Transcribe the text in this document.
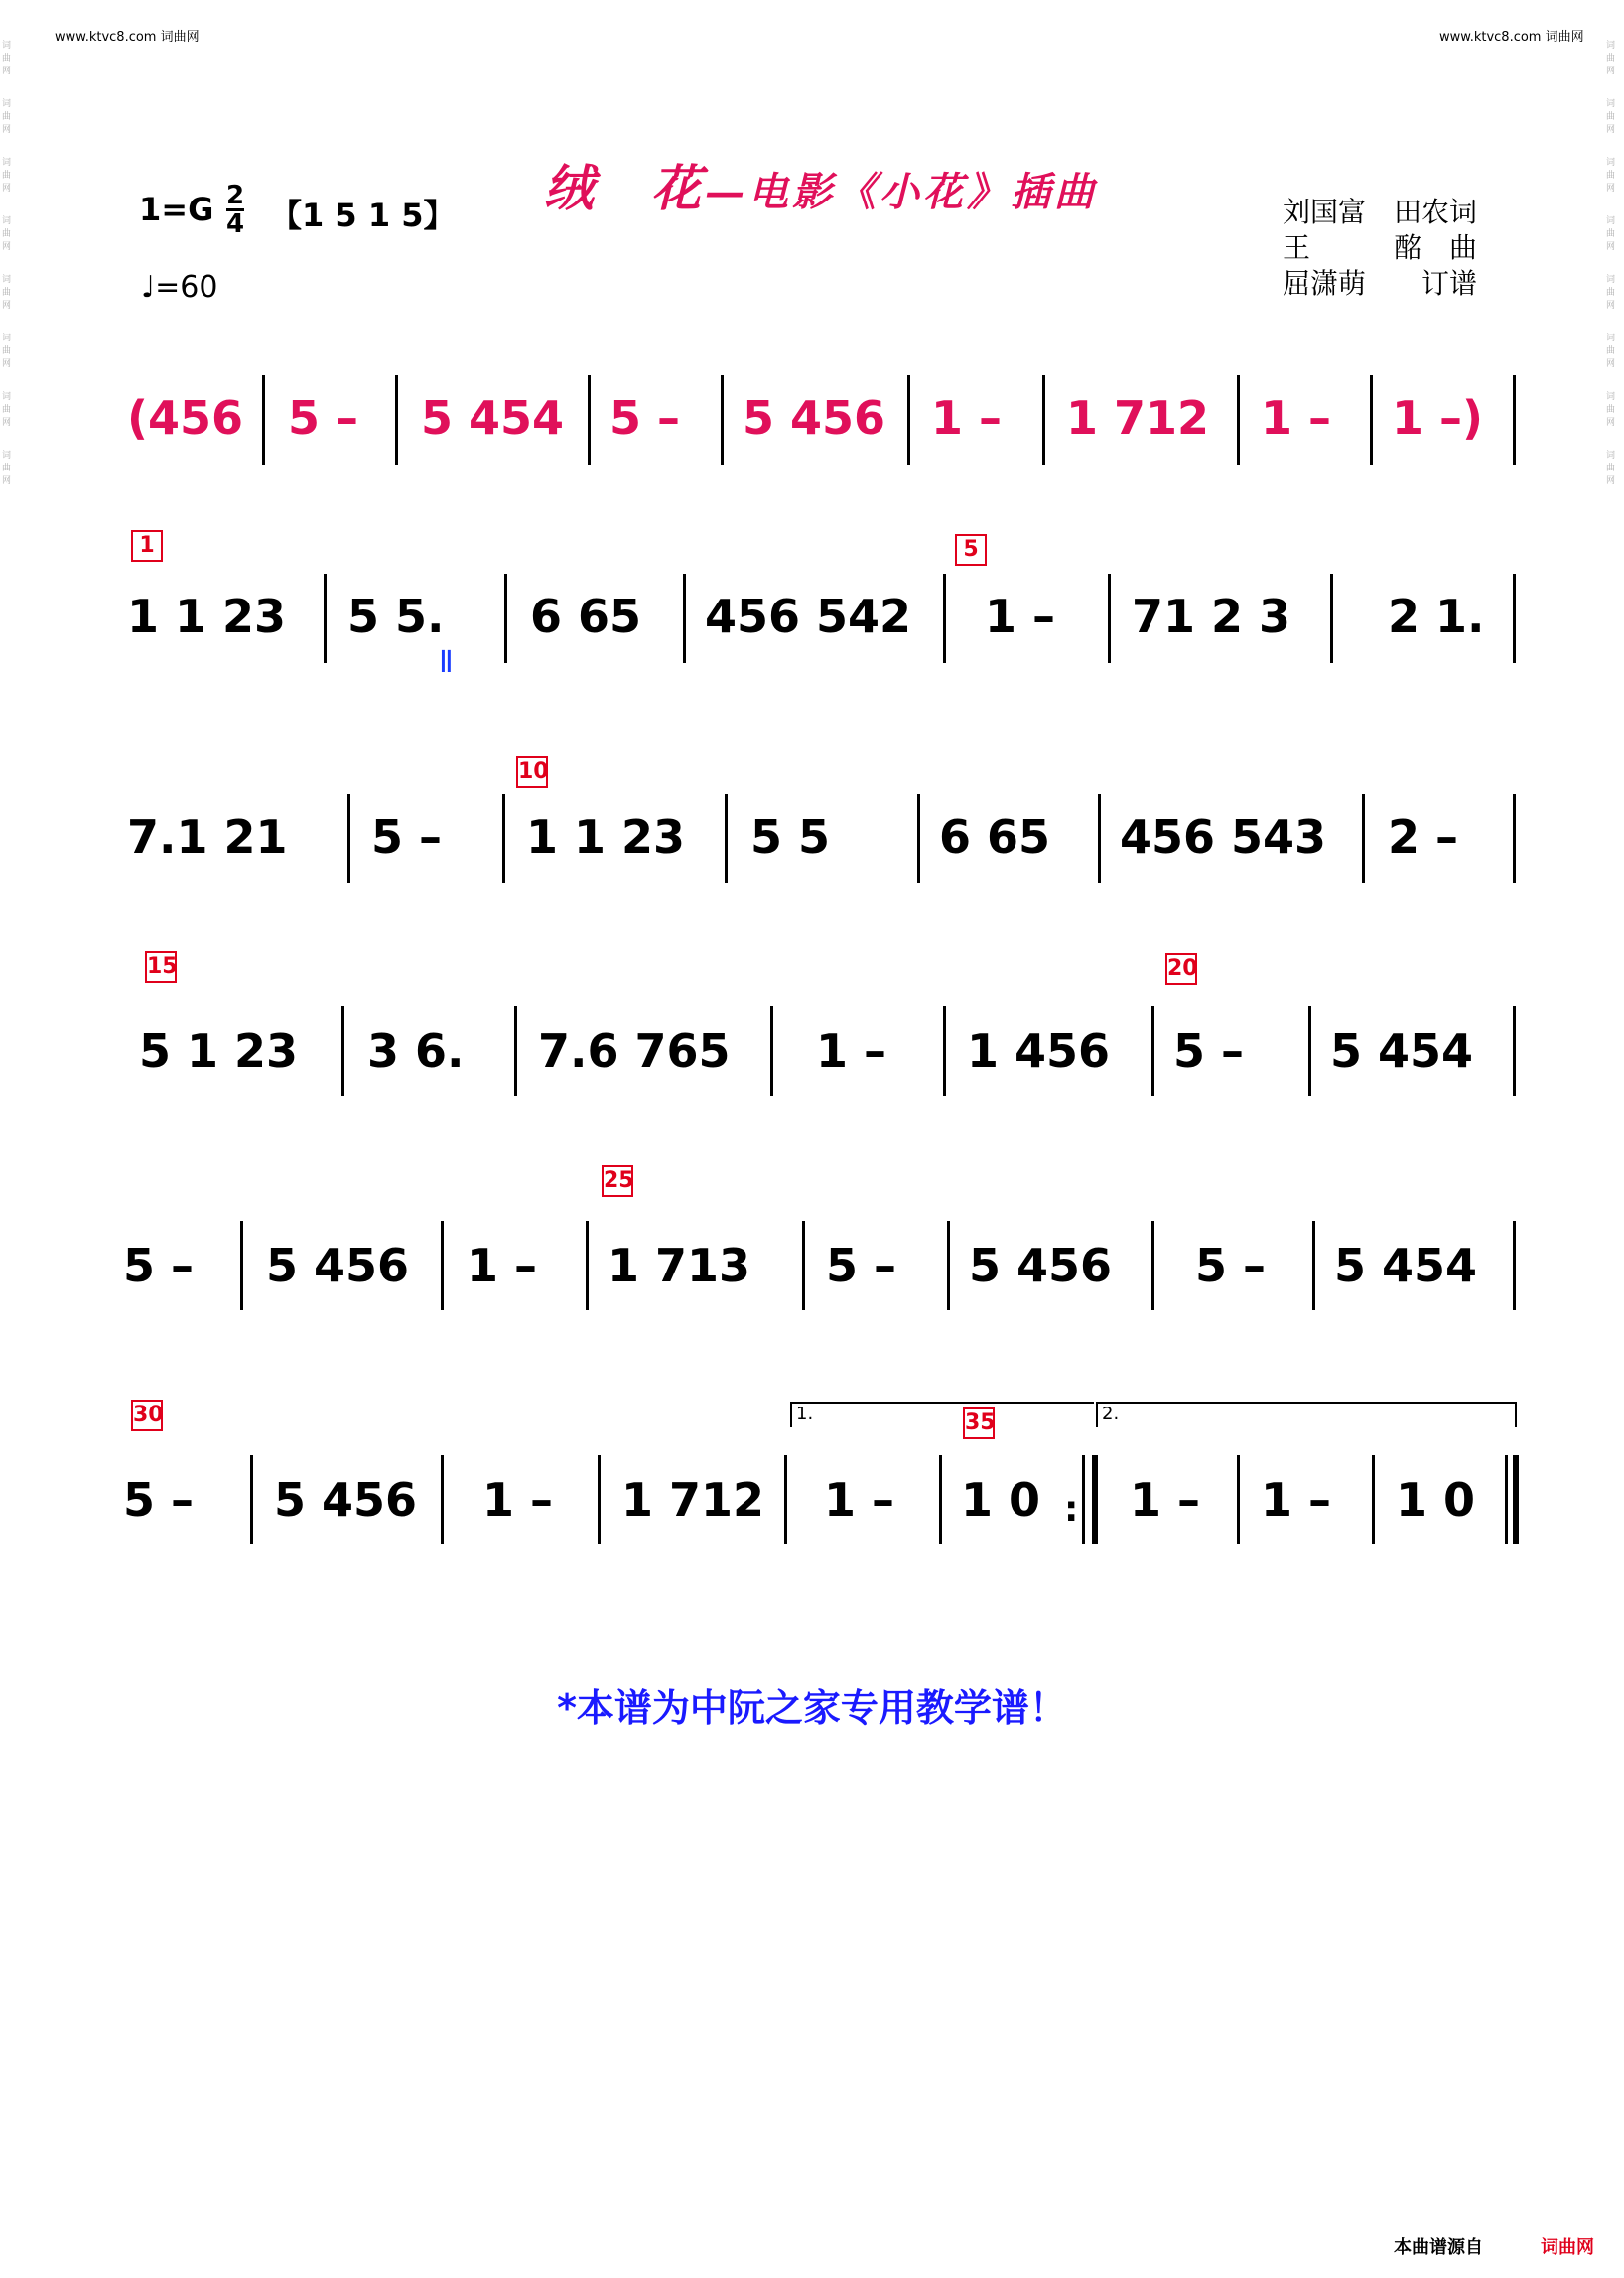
www.ktvc8.com 词曲网	www.ktvc8.com 词曲网
词曲网
词曲网
词曲网
词曲网
词曲网
词曲网
词曲网
词曲网
词曲网
词曲网
词曲网
词曲网
词曲网
词曲网
词曲网
词曲网
1=G 2
4 【1 5 1 5】
♩=60
绒　花—电影《小花》插曲	刘国富　田农词
王　　　酩　曲
屈潇萌　　订谱
(456 5 – 5 454 5 – 5 456 1 – 1 712 1 – 1 –)
1
1 1 23 5 5.
Ⅱ
6 65 456 542
5
1 – 71 2 3 2 1.
7.1 21 5 –
10
1 1 23 5 5 6 65 456 543 2 –
15
5 1 23 3 6. 7.6 765 1 – 1 456
20
5 – 5 454
5 – 5 456 1 –
25
1 713 5 – 5 456 5 – 5 454
30
5 – 5 456 1 – 1 712
1.	35	2.
1 – 1 0 : 1 – 1 – 1 0
*本谱为中阮之家专用教学谱！
本曲谱源自	词曲网
